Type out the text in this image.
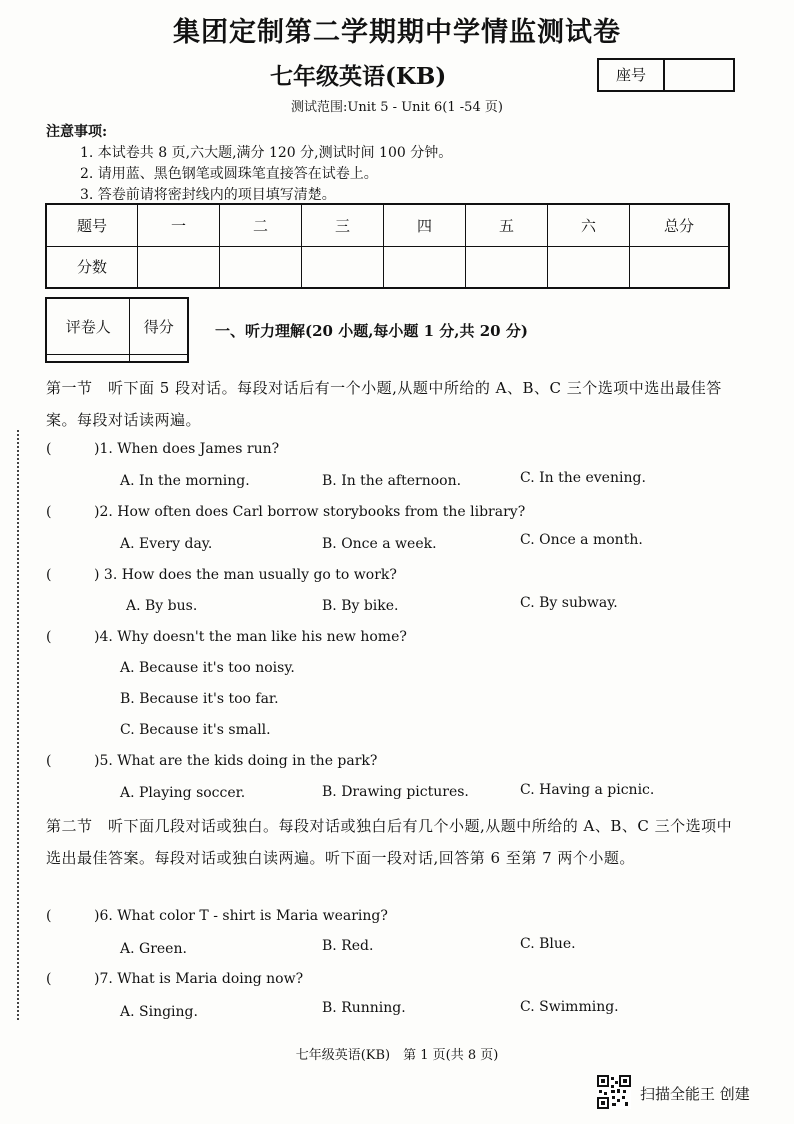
集团定制第二学期期中学情监测试卷
七年级英语(KB)	座号
测试范围:Unit 5 - Unit 6(1 -54 页)
注意事项:
1. 本试卷共 8 页,六大题,满分 120 分,测试时间 100 分钟。
2. 请用蓝、黑色钢笔或圆珠笔直接答在试卷上。
3. 答卷前请将密封线内的项目填写清楚。
题号	一	二	三	四	五	六	总分
分数							
评卷人	得分
		一、听力理解(20 小题,每小题 1 分,共 20 分)
第一节　听下面 5 段对话。每段对话后有一个小题,从题中所给的 A、B、C 三个选项中选出最佳答案。每段对话读两遍。
(	)1. When does James run?
A. In the morning.	B. In the afternoon.	C. In the evening.
(	)2. How often does Carl borrow storybooks from the library?
A. Every day.	B. Once a week.	C. Once a month.
(	) 3. How does the man usually go to work?
A. By bus.	B. By bike.	C. By subway.
(	)4. Why doesn't the man like his new home?
A. Because it's too noisy.
B. Because it's too far.
C. Because it's small.
(	)5. What are the kids doing in the park?
A. Playing soccer.	B. Drawing pictures.	C. Having a picnic.
第二节　听下面几段对话或独白。每段对话或独白后有几个小题,从题中所给的 A、B、C 三个选项中选出最佳答案。每段对话或独白读两遍。听下面一段对话,回答第 6 至第 7 两个小题。
(	)6. What color T - shirt is Maria wearing?
A. Green.	B. Red.	C. Blue.
(	)7. What is Maria doing now?
A. Singing.	B. Running.	C. Swimming.
七年级英语(KB)　第 1 页(共 8 页)
扫描全能王 创建
